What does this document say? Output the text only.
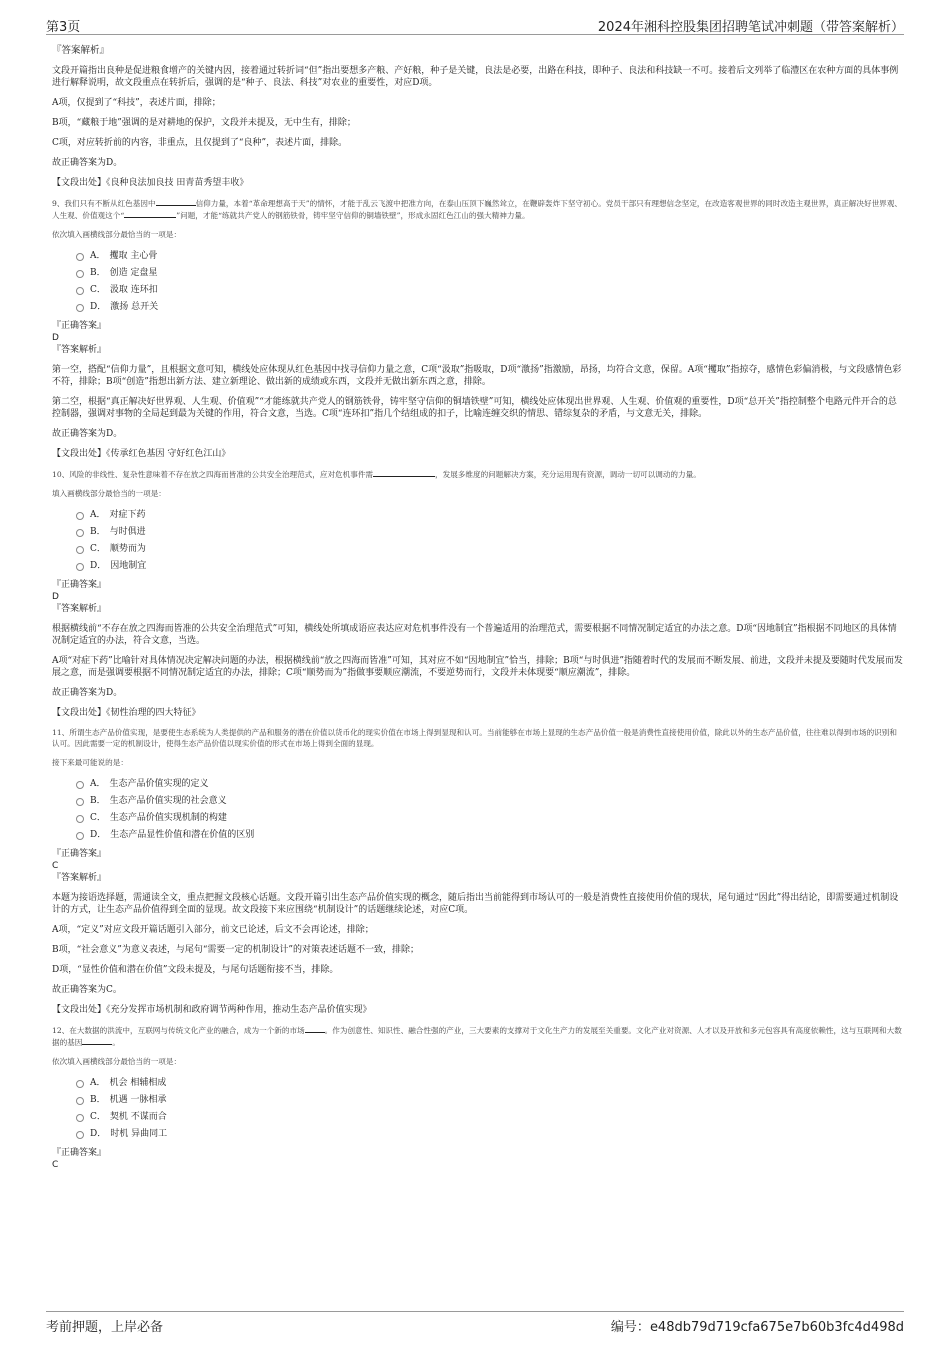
第3页	2024年湘科控股集团招聘笔试冲刺题（带答案解析）
『答案解析』

文段开篇指出良种是促进粮食增产的关键内因，接着通过转折词“但”指出要想多产粮、产好粮，种子是关键，良法是必要，出路在科技，即种子、良法和科技缺一不可。接着后文列举了临澧区在农种方面的具体事例进行解释说明，故文段重点在转折后，强调的是“种子、良法、科技”对农业的重要性，对应D项。

A项，仅提到了“科技”，表述片面，排除；

B项，“藏粮于地”强调的是对耕地的保护，文段并未提及，无中生有，排除；

C项，对应转折前的内容，非重点，且仅提到了“良种”，表述片面，排除。

故正确答案为D。

【文段出处】《良种良法加良技 田青苗秀望丰收》

9、我们只有不断从红色基因中	信仰力量，本着“革命理想高于天”的情怀，才能于乱云飞渡中把准方向，在泰山压顶下巍然耸立，在鞭辟轰炸下坚守初心。党员干部只有理想信念坚定，在改造客观世界的同时改造主观世界，真正解决好世界观、人生观、价值观这个“	”问题，才能“练就共产党人的钢筋铁骨，铸牢坚守信仰的铜墙铁壁”，形成永固红色江山的强大精神力量。

依次填入画横线部分最恰当的一项是：

A． 攫取 主心骨
B． 创造 定盘星
C． 汲取 连环扣
D． 激扬 总开关
『正确答案』
D
『答案解析』

第一空，搭配“信仰力量”，且根据文意可知，横线处应体现从红色基因中找寻信仰力量之意，C项“汲取”指吸取，D项“激扬”指激励，昂扬，均符合文意，保留。A项“攫取”指掠夺，感情色彩偏消极，与文段感情色彩不符，排除；B项“创造”指想出新方法、建立新理论、做出新的成绩或东西，文段并无做出新东西之意，排除。

第二空，根据“真正解决好世界观、人生观、价值观”“才能练就共产党人的钢筋铁骨，铸牢坚守信仰的铜墙铁壁”可知，横线处应体现出世界观、人生观、价值观的重要性，D项“总开关”指控制整个电路元件开合的总控制器，强调对事物的全局起到最为关键的作用，符合文意，当选。C项“连环扣”指几个结组成的扣子，比喻连缠交织的情思、错综复杂的矛盾，与文意无关，排除。

故正确答案为D。

【文段出处】《传承红色基因 守好红色江山》

10、风险的非线性、复杂性意味着不存在放之四海而皆准的公共安全治理范式，应对危机事件需	，发展多维度的问题解决方案，充分运用现有资源，调动一切可以调动的力量。

填入画横线部分最恰当的一项是：

A． 对症下药
B． 与时俱进
C． 顺势而为
D． 因地制宜
『正确答案』
D
『答案解析』

根据横线前“不存在放之四海而皆准的公共安全治理范式”可知，横线处所填成语应表达应对危机事件没有一个普遍适用的治理范式，需要根据不同情况制定适宜的办法之意。D项“因地制宜”指根据不同地区的具体情况制定适宜的办法，符合文意，当选。

A项“对症下药”比喻针对具体情况决定解决问题的办法，根据横线前“放之四海而皆准”可知，其对应不如“因地制宜”恰当，排除；B项“与时俱进”指随着时代的发展而不断发展、前进，文段并未提及要随时代发展而发展之意，而是强调要根据不同情况制定适宜的办法，排除；C项“顺势而为”指做事要顺应潮流，不要逆势而行，文段并未体现要“顺应潮流”，排除。

故正确答案为D。

【文段出处】《韧性治理的四大特征》

11、所谓生态产品价值实现，是要使生态系统为人类提供的产品和服务的潜在价值以货币化的现实价值在市场上得到显现和认可。当前能够在市场上显现的生态产品价值一般是消费性直接使用价值，除此以外的生态产品价值，往往难以得到市场的识别和认可。因此需要一定的机制设计，使得生态产品价值以现实价值的形式在市场上得到全面的显现。

接下来最可能说的是：

A． 生态产品价值实现的定义
B． 生态产品价值实现的社会意义
C． 生态产品价值实现机制的构建
D． 生态产品显性价值和潜在价值的区别
『正确答案』
C
『答案解析』

本题为接语选择题，需通读全文，重点把握文段核心话题。文段开篇引出生态产品价值实现的概念，随后指出当前能得到市场认可的一般是消费性直接使用价值的现状，尾句通过“因此”得出结论，即需要通过机制设计的方式，让生态产品价值得到全面的显现。故文段接下来应围绕“机制设计”的话题继续论述，对应C项。

A项，“定义”对应文段开篇话题引入部分，前文已论述，后文不会再论述，排除；

B项，“社会意义”为意义表述，与尾句“需要一定的机制设计”的对策表述话题不一致，排除；

D项，“显性价值和潜在价值”文段未提及，与尾句话题衔接不当，排除。

故正确答案为C。

【文段出处】《充分发挥市场机制和政府调节两种作用，推动生态产品价值实现》

12、在大数据的洪流中，互联网与传统文化产业的融合，成为一个新的市场	。作为创意性、知识性、融合性强的产业，三大要素的支撑对于文化生产力的发展至关重要。文化产业对资源、人才以及开放和多元包容具有高度依赖性，这与互联网和大数据的基因	。

依次填入画横线部分最恰当的一项是：

A． 机会 相辅相成
B． 机遇 一脉相承
C． 契机 不谋而合
D． 时机 异曲同工
『正确答案』
C
考前押题，上岸必备	编号：e48db79d719cfa675e7b60b3fc4d498d
